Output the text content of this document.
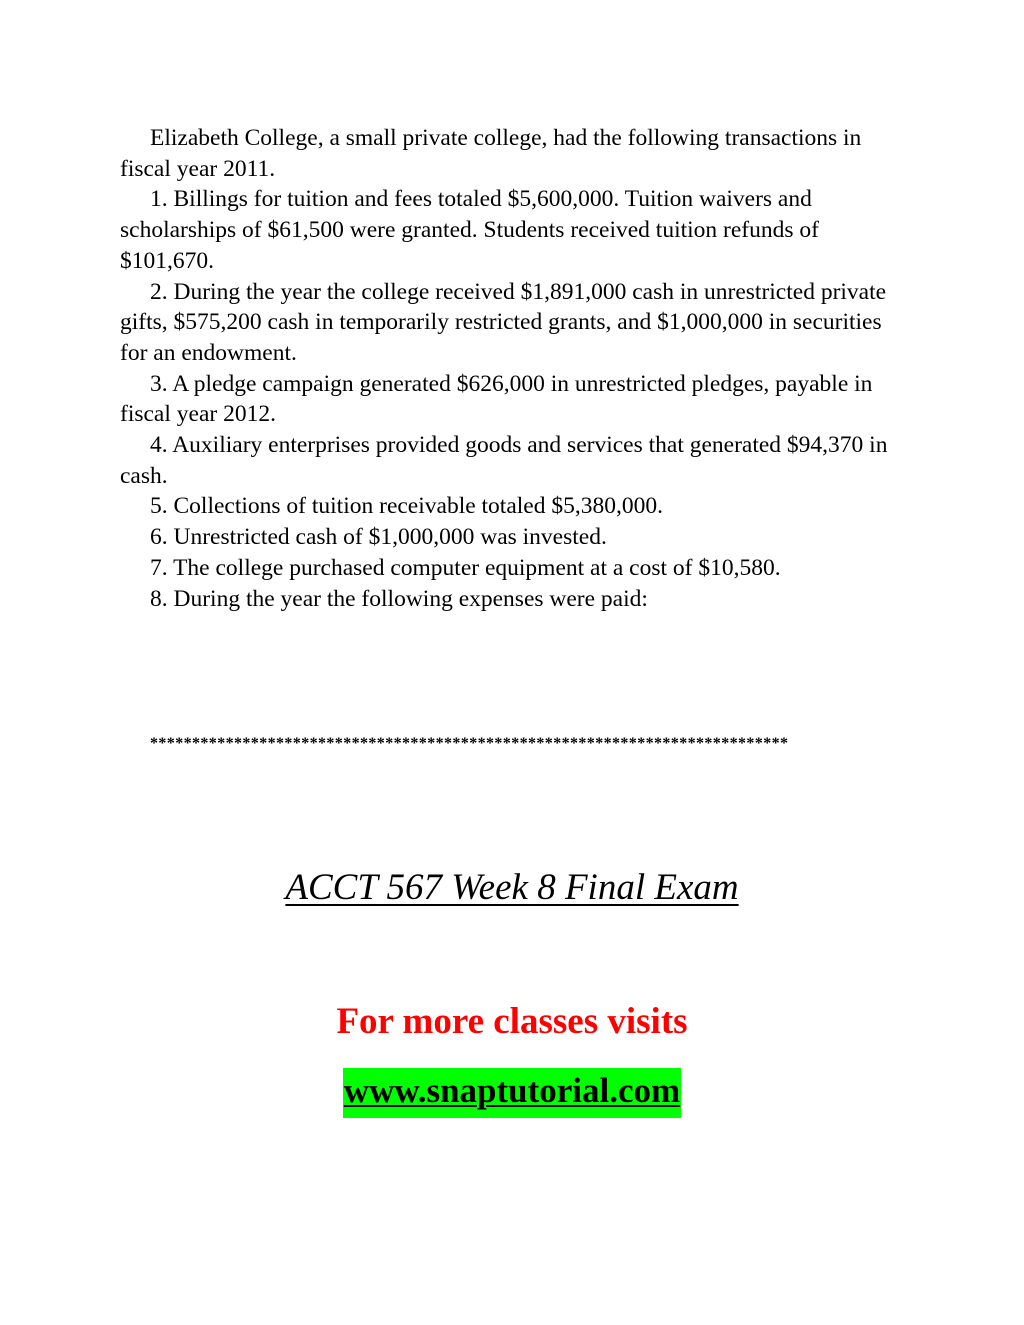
Elizabeth College, a small private college, had the following transactions in fiscal year 2011.

1. Billings for tuition and fees totaled $5,600,000. Tuition waivers and scholarships of $61,500 were granted. Students received tuition refunds of $101,670.

2. During the year the college received $1,891,000 cash in unrestricted private gifts, $575,200 cash in temporarily restricted grants, and $1,000,000 in securities for an endowment.

3. A pledge campaign generated $626,000 in unrestricted pledges, payable in fiscal year 2012.

4. Auxiliary enterprises provided goods and services that generated $94,370 in cash.

5. Collections of tuition receivable totaled $5,380,000.

6. Unrestricted cash of $1,000,000 was invested.

7. The college purchased computer equipment at a cost of $10,580.

8. During the year the following expenses were paid:

****************************************************************************
ACCT 567 Week 8 Final Exam
For more classes visits
www.snaptutorial.com
